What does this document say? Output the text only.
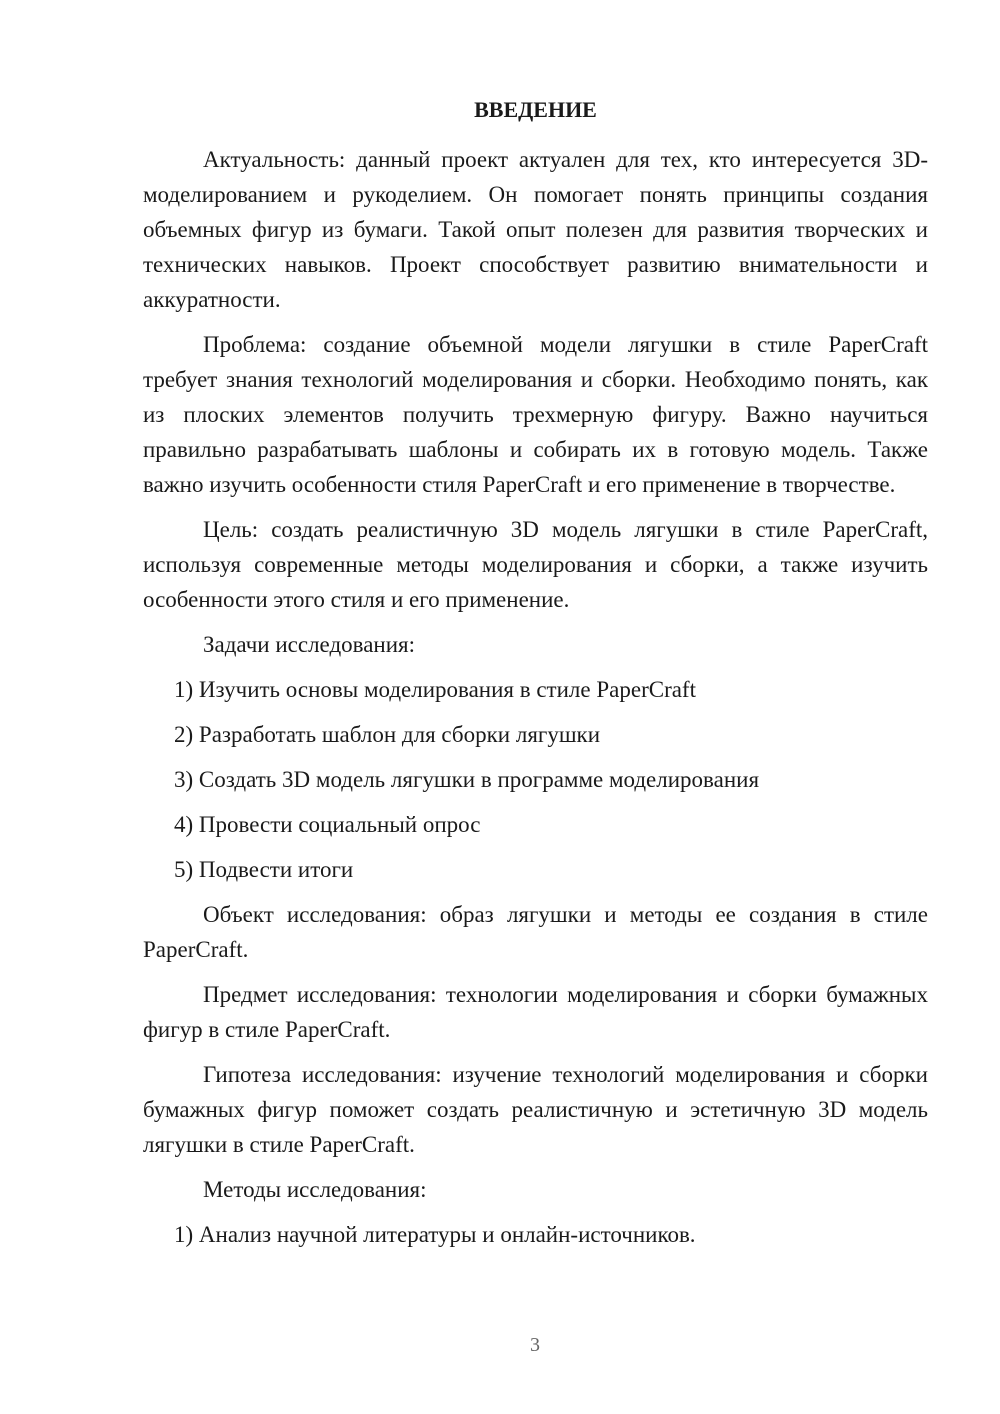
ВВЕДЕНИЕ

Актуальность: данный проект актуален для тех, кто интересуется 3D-моделированием и рукоделием. Он помогает понять принципы создания объемных фигур из бумаги. Такой опыт полезен для развития творческих и технических навыков. Проект способствует развитию внимательности и аккуратности.

Проблема: создание объемной модели лягушки в стиле PaperCraft требует знания технологий моделирования и сборки. Необходимо понять, как из плоских элементов получить трехмерную фигуру. Важно научиться правильно разрабатывать шаблоны и собирать их в готовую модель. Также важно изучить особенности стиля PaperCraft и его применение в творчестве.

Цель: создать реалистичную 3D модель лягушки в стиле PaperCraft, используя современные методы моделирования и сборки, а также изучить особенности этого стиля и его применение.

Задачи исследования:

1) Изучить основы моделирования в стиле PaperCraft
2) Разработать шаблон для сборки лягушки
3) Создать 3D модель лягушки в программе моделирования
4) Провести социальный опрос
5) Подвести итоги

Объект исследования: образ лягушки и методы ее создания в стиле PaperCraft.

Предмет исследования: технологии моделирования и сборки бумажных фигур в стиле PaperCraft.

Гипотеза исследования: изучение технологий моделирования и сборки бумажных фигур поможет создать реалистичную и эстетичную 3D модель лягушки в стиле PaperCraft.

Методы исследования:

1) Анализ научной литературы и онлайн-источников.
3
